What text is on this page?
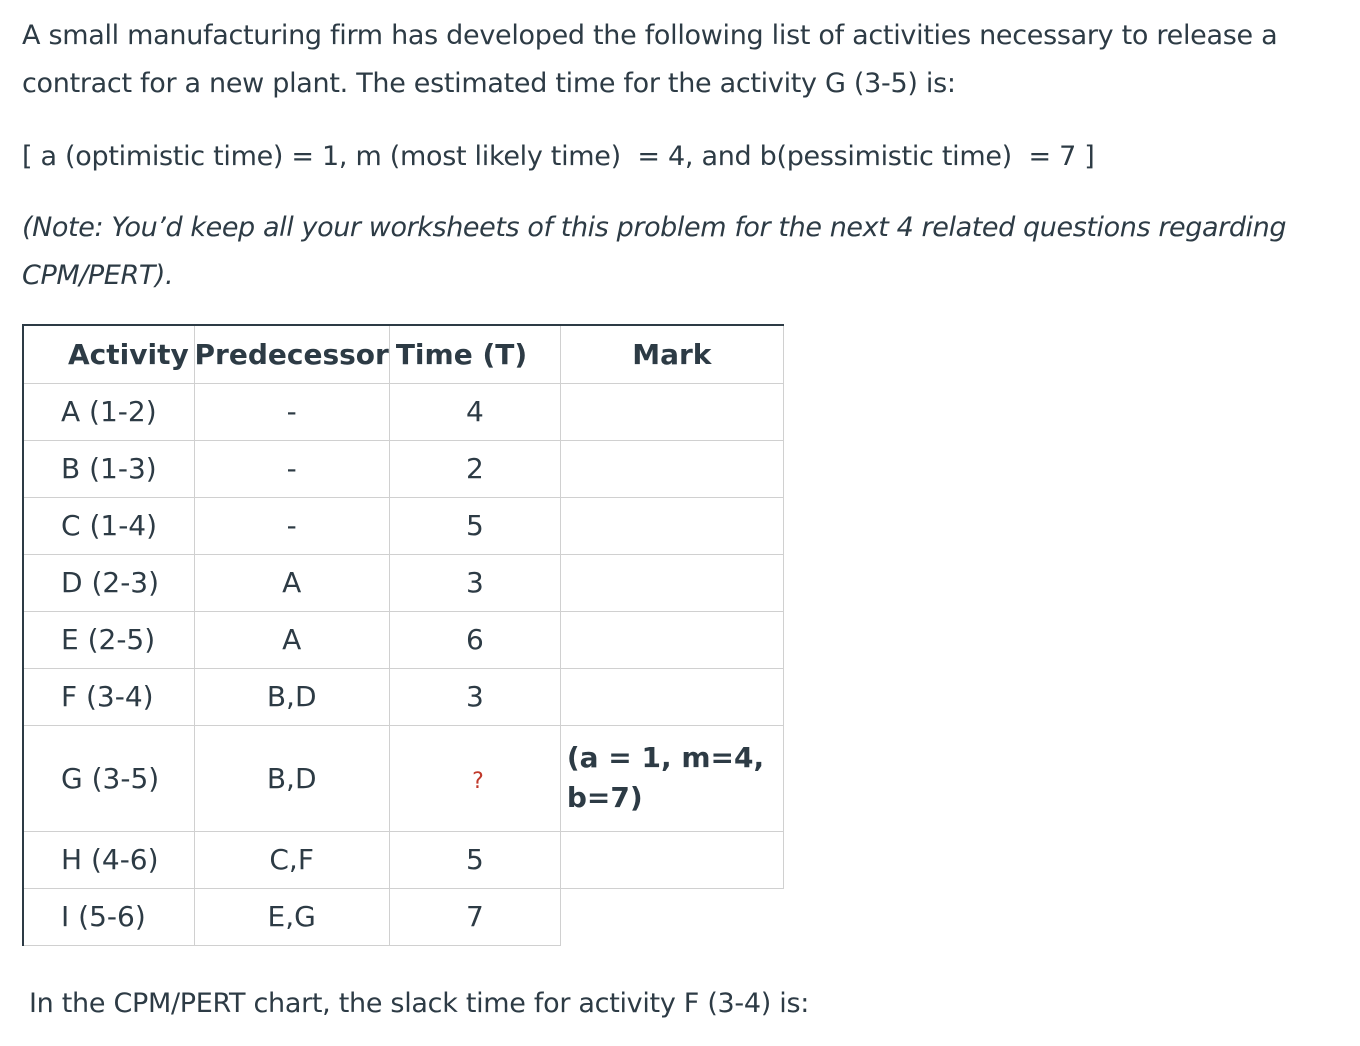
A small manufacturing firm has developed the following list of activities necessary to release a contract for a new plant. The estimated time for the activity G (3-5) is:

[ a (optimistic time) = 1, m (most likely time)  = 4, and b(pessimistic time)  = 7 ]

(Note: You’d keep all your worksheets of this problem for the next 4 related questions regarding CPM/PERT).

Activity	Predecessor	Time (T)	Mark
A (1-2)	-	4	
B (1-3)	-	2	
C (1-4)	-	5	
D (2-3)	A	3	
E (2-5)	A	6	
F (3-4)	B,D	3	
G (3-5)	B,D	?	(a = 1, m=4, b=7)
H (4-6)	C,F	5	
I (5-6)	E,G	7	

In the CPM/PERT chart, the slack time for activity F (3-4) is:
